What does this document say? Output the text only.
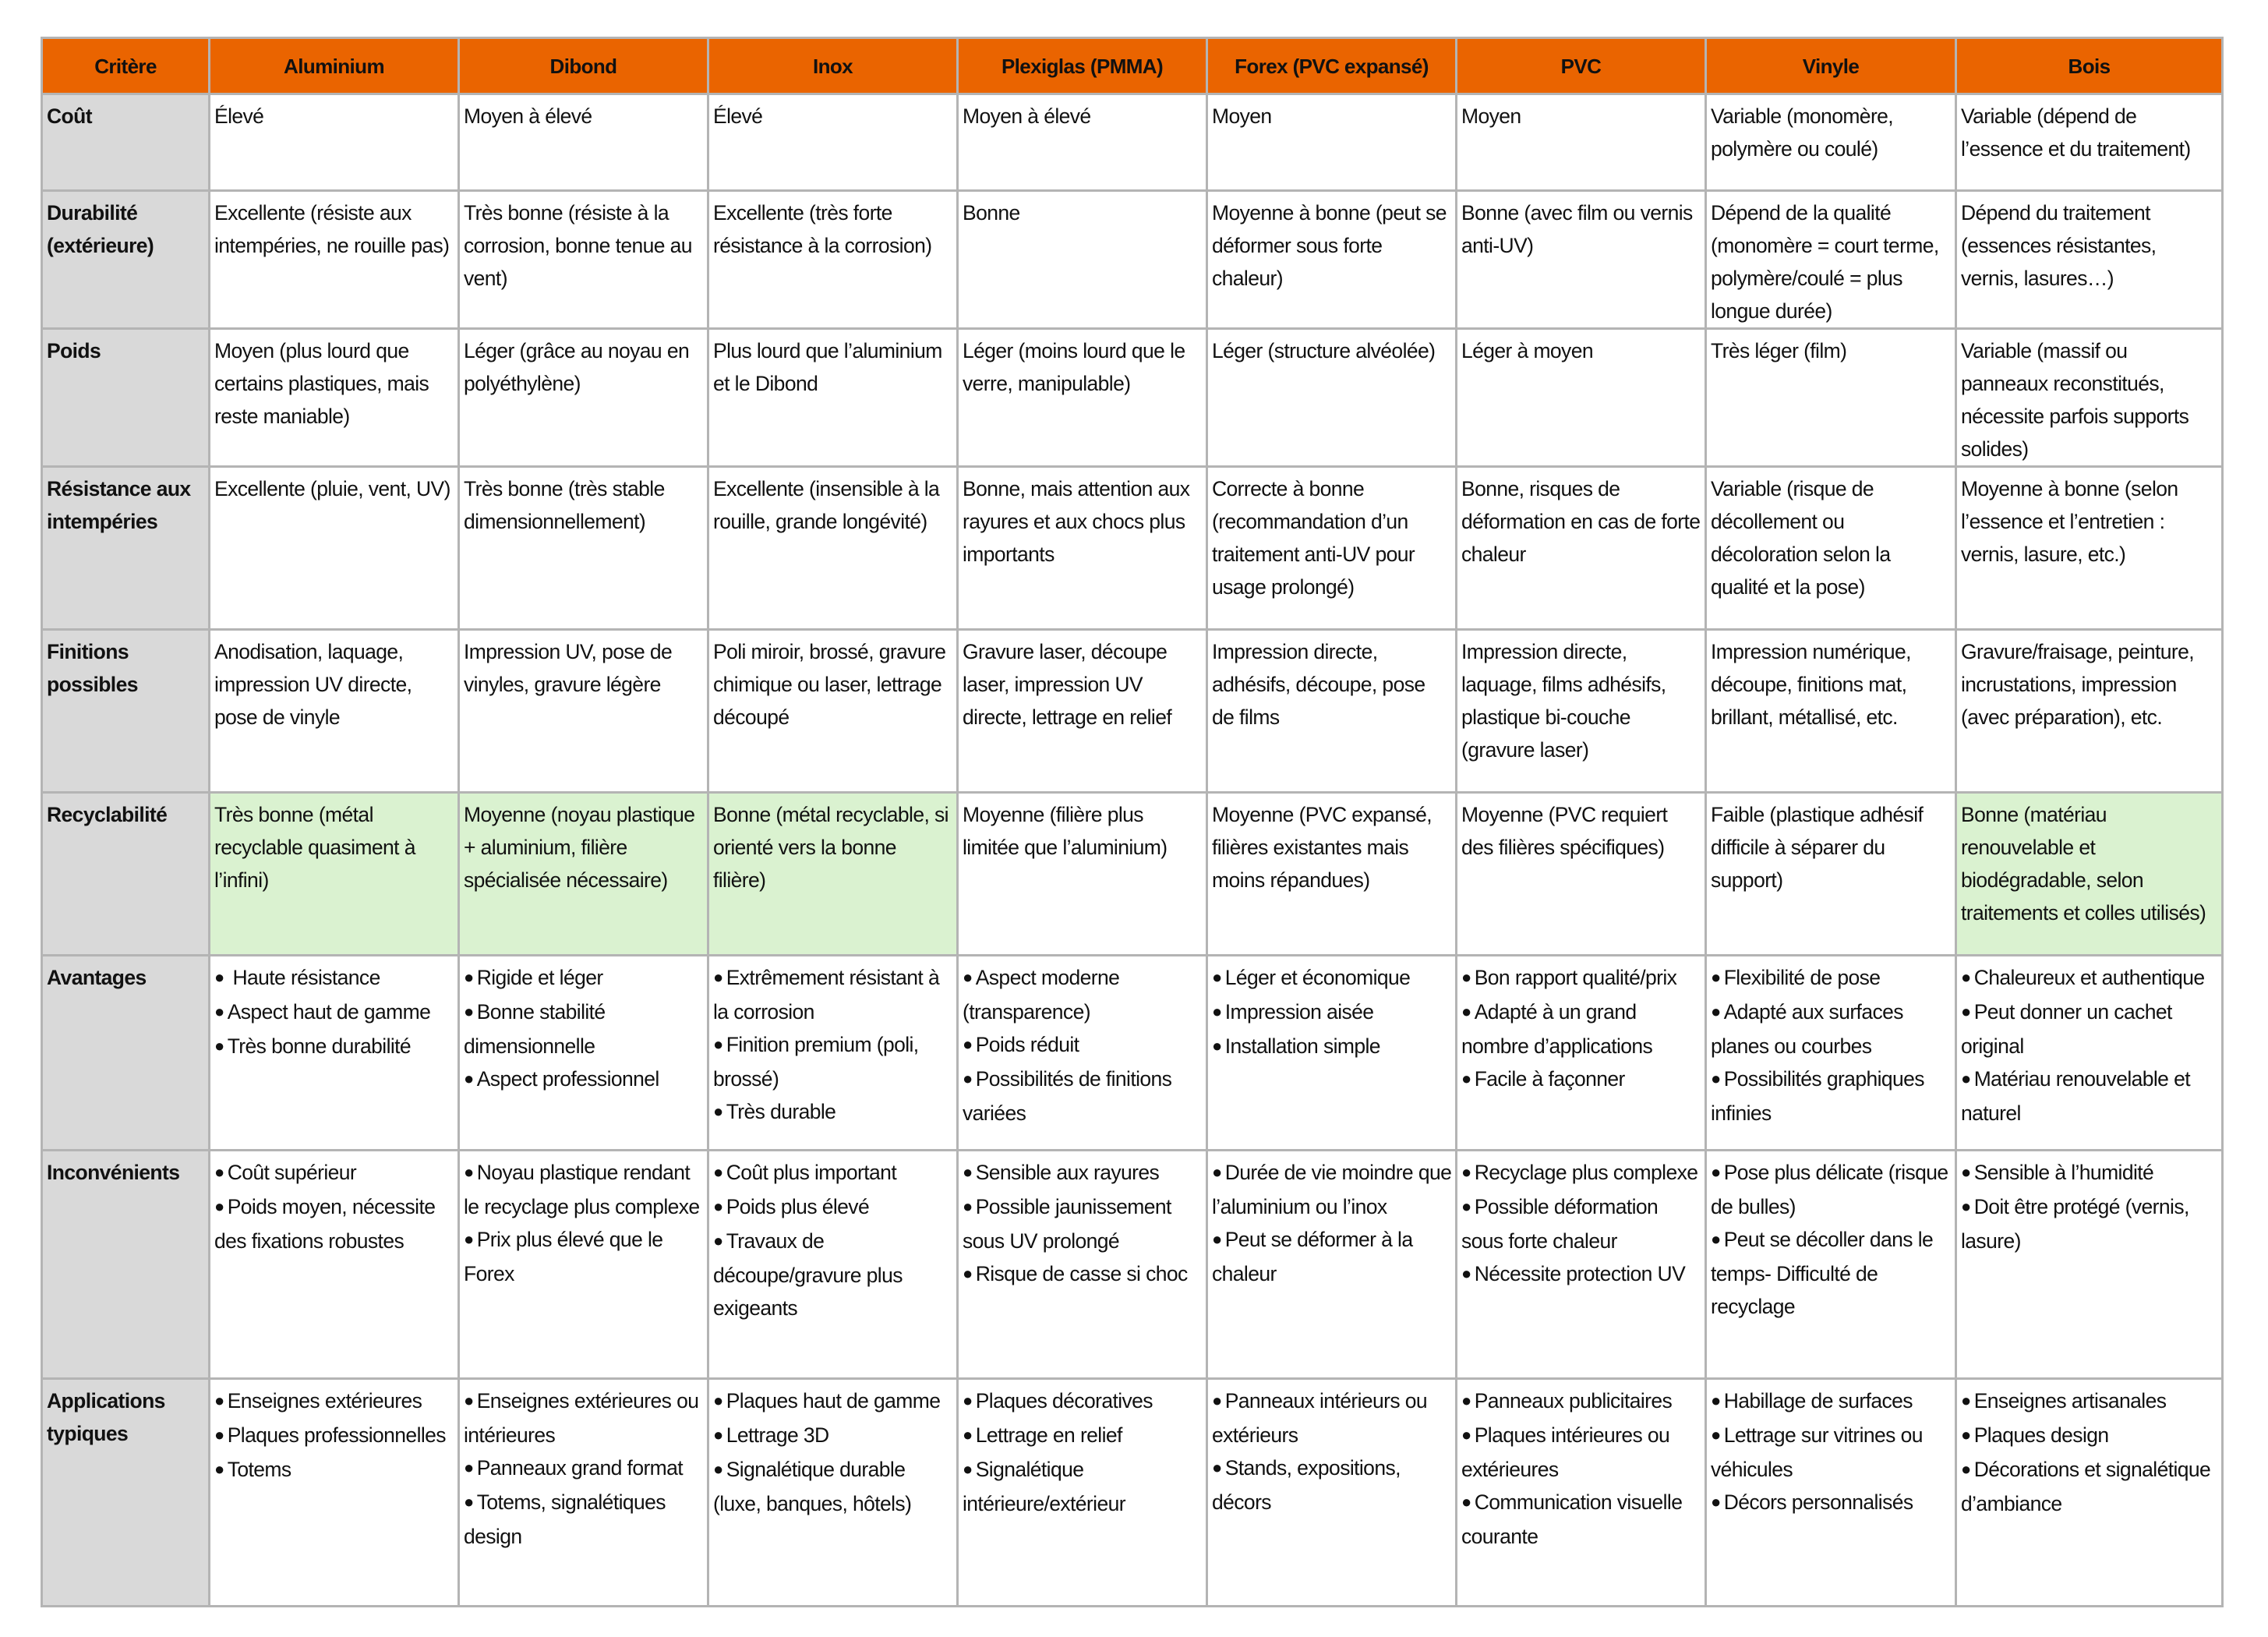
Critère	Aluminium	Dibond	Inox	Plexiglas (PMMA)	Forex (PVC expansé)	PVC	Vinyle	Bois
Coût	Élevé	Moyen à élevé	Élevé	Moyen à élevé	Moyen	Moyen	Variable (monomère, polymère ou coulé)	Variable (dépend de l’essence et du traitement)

Durabilité (extérieure)	Excellente (résiste aux intempéries, ne rouille pas)	Très bonne (résiste à la corrosion, bonne tenue au vent)	Excellente (très forte résistance à la corrosion)	Bonne	Moyenne à bonne (peut se déformer sous forte chaleur)	Bonne (avec film ou vernis anti-UV)	Dépend de la qualité (monomère = court terme, polymère/coulé = plus longue durée)	Dépend du traitement (essences résistantes, vernis, lasures…)

Poids	Moyen (plus lourd que certains plastiques, mais reste maniable)	Léger (grâce au noyau en polyéthylène)	Plus lourd que l’aluminium et le Dibond	Léger (moins lourd que le verre, manipulable)	Léger (structure alvéolée)	Léger à moyen	Très léger (film)	Variable (massif ou panneaux reconstitués, nécessite parfois supports solides)

Résistance aux intempéries	Excellente (pluie, vent, UV)	Très bonne (très stable dimensionnellement)	Excellente (insensible à la rouille, grande longévité)	Bonne, mais attention aux rayures et aux chocs plus importants	Correcte à bonne (recommandation d’un traitement anti-UV pour usage prolongé)	Bonne, risques de déformation en cas de forte chaleur	Variable (risque de décollement ou décoloration selon la qualité et la pose)	Moyenne à bonne (selon l’essence et l’entretien : vernis, lasure, etc.)

Finitions possibles	Anodisation, laquage, impression UV directe, pose de vinyle	Impression UV, pose de vinyles, gravure légère	Poli miroir, brossé, gravure chimique ou laser, lettrage découpé	Gravure laser, découpe laser, impression UV directe, lettrage en relief	Impression directe, adhésifs, découpe, pose de films	Impression directe, laquage, films adhésifs, plastique bi-couche (gravure laser)	Impression numérique, découpe, finitions mat, brillant, métallisé, etc.	Gravure/fraisage, peinture, incrustations, impression (avec préparation), etc.

Recyclabilité	Très bonne (métal recyclable quasiment à l’infini)	Moyenne (noyau plastique + aluminium, filière spécialisée nécessaire)	Bonne (métal recyclable, si orienté vers la bonne filière)	Moyenne (filière plus limitée que l’aluminium)	Moyenne (PVC expansé, filières existantes mais moins répandues)	Moyenne (PVC requiert des filières spécifiques)	Faible (plastique adhésif difficile à séparer du support)	Bonne (matériau renouvelable et biodégradable, selon traitements et colles utilisés)

Avantages	● Haute résistance
● Aspect haut de gamme
● Très bonne durabilité	● Rigide et léger
● Bonne stabilité dimensionnelle
● Aspect professionnel	● Extrêmement résistant à la corrosion
● Finition premium (poli, brossé)
● Très durable	● Aspect moderne (transparence)
● Poids réduit
● Possibilités de finitions variées	● Léger et économique
● Impression aisée
● Installation simple	● Bon rapport qualité/prix
● Adapté à un grand nombre d’applications
● Facile à façonner	● Flexibilité de pose
● Adapté aux surfaces planes ou courbes
● Possibilités graphiques infinies	● Chaleureux et authentique
● Peut donner un cachet original
● Matériau renouvelable et naturel

Inconvénients	● Coût supérieur
● Poids moyen, nécessite des fixations robustes	● Noyau plastique rendant le recyclage plus complexe
● Prix plus élevé que le Forex	● Coût plus important
● Poids plus élevé
● Travaux de découpe/gravure plus exigeants	● Sensible aux rayures
● Possible jaunissement sous UV prolongé
● Risque de casse si choc	● Durée de vie moindre que l’aluminium ou l’inox
● Peut se déformer à la chaleur	● Recyclage plus complexe
● Possible déformation sous forte chaleur
● Nécessite protection UV	● Pose plus délicate (risque de bulles)
● Peut se décoller dans le temps- Difficulté de recyclage	● Sensible à l’humidité
● Doit être protégé (vernis, lasure)

Applications typiques	● Enseignes extérieures
● Plaques professionnelles
● Totems	● Enseignes extérieures ou intérieures
● Panneaux grand format
● Totems, signalétiques design	● Plaques haut de gamme
● Lettrage 3D
● Signalétique durable (luxe, banques, hôtels)	● Plaques décoratives
● Lettrage en relief
● Signalétique intérieure/extérieur	● Panneaux intérieurs ou extérieurs
● Stands, expositions, décors	● Panneaux publicitaires
● Plaques intérieures ou extérieures
● Communication visuelle courante	● Habillage de surfaces
● Lettrage sur vitrines ou véhicules
● Décors personnalisés	● Enseignes artisanales
● Plaques design
● Décorations et signalétique d’ambiance
